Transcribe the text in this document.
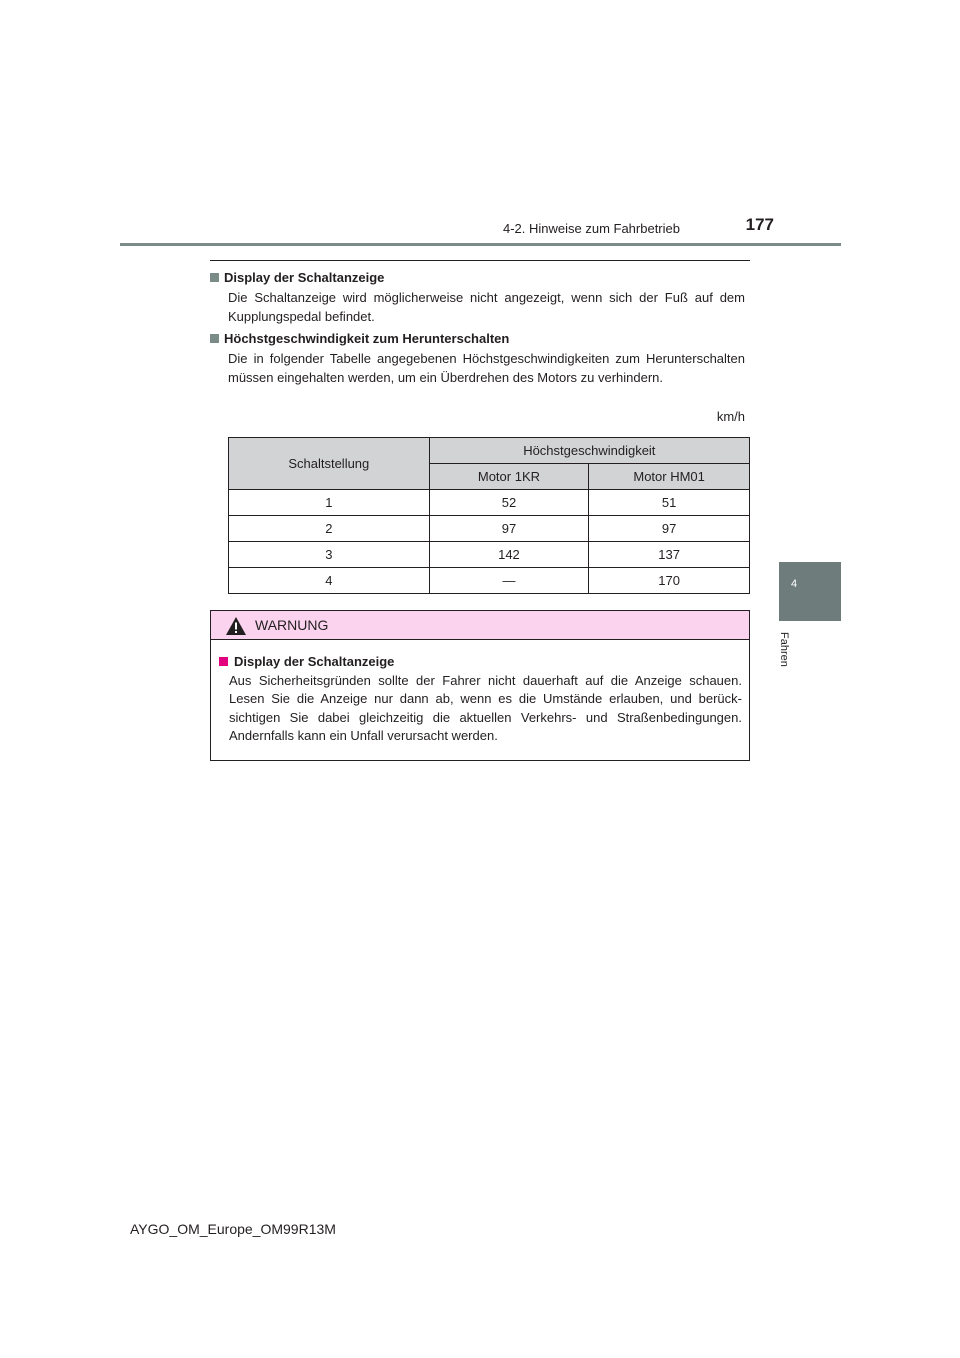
4-2. Hinweise zum Fahrbetrieb	177
4
Fahren
Display der Schaltanzeige
Die Schaltanzeige wird möglicherweise nicht angezeigt, wenn sich der Fuß auf dem Kupplungspedal befindet.
Höchstgeschwindigkeit zum Herunterschalten
Die in folgender Tabelle angegebenen Höchstgeschwindigkeiten zum Herunterschalten müssen eingehalten werden, um ein Überdrehen des Motors zu verhindern.
km/h
Schaltstellung	Höchstgeschwindigkeit	
	Motor 1KR	Motor HM01
1	52	51
2	97	97
3	142	137
4	—	170
WARNUNG
Display der Schaltanzeige
Aus Sicherheitsgründen sollte der Fahrer nicht dauerhaft auf die Anzeige schauen. Lesen Sie die Anzeige nur dann ab, wenn es die Umstände erlauben, und berück-sichtigen Sie dabei gleichzeitig die aktuellen Verkehrs- und Straßenbedingungen. Andernfalls kann ein Unfall verursacht werden.
AYGO_OM_Europe_OM99R13M
